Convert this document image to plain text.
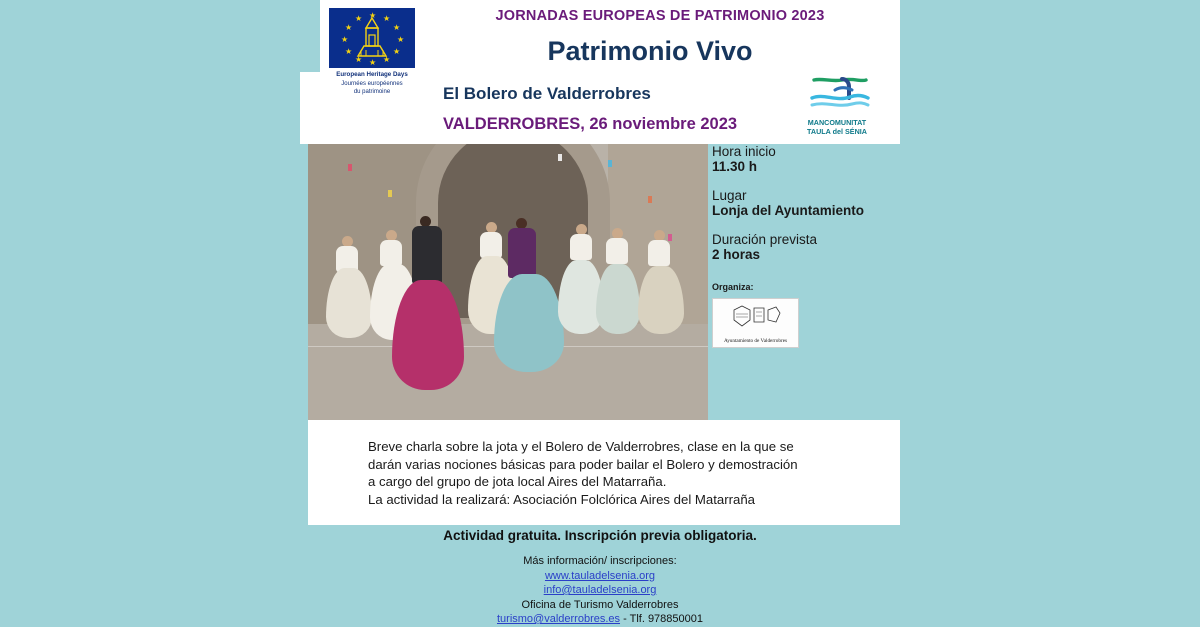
★ ★
★
★
★
★
★
★
★
★
★
★
European Heritage Days
Journées européennes
du patrimoine
JORNADAS EUROPEAS DE PATRIMONIO 2023
Patrimonio Vivo
El Bolero de Valderrobres
VALDERROBRES, 26 noviembre 2023	MANCOMUNITAT
TAULA del SÉNIA

Hora inicio

11.30 h

Lugar

Lonja del Ayuntamiento

Duración prevista

2 horas

Organiza:
Ayuntamiento de Valderrobres

Breve charla sobre la jota y el Bolero de Valderrobres, clase en la que se

darán varias nociones básicas para poder bailar el Bolero y demostración

a cargo del grupo de jota local Aires del Matarraña.

La actividad la realizará: Asociación Folclórica Aires del Matarraña

Actividad gratuita. Inscripción previa obligatoria.
Más información/ inscripciones:
www.tauladelsenia.org
info@tauladelsenia.org
Oficina de Turismo Valderrobres
turismo@valderrobres.es - Tlf. 978850001
